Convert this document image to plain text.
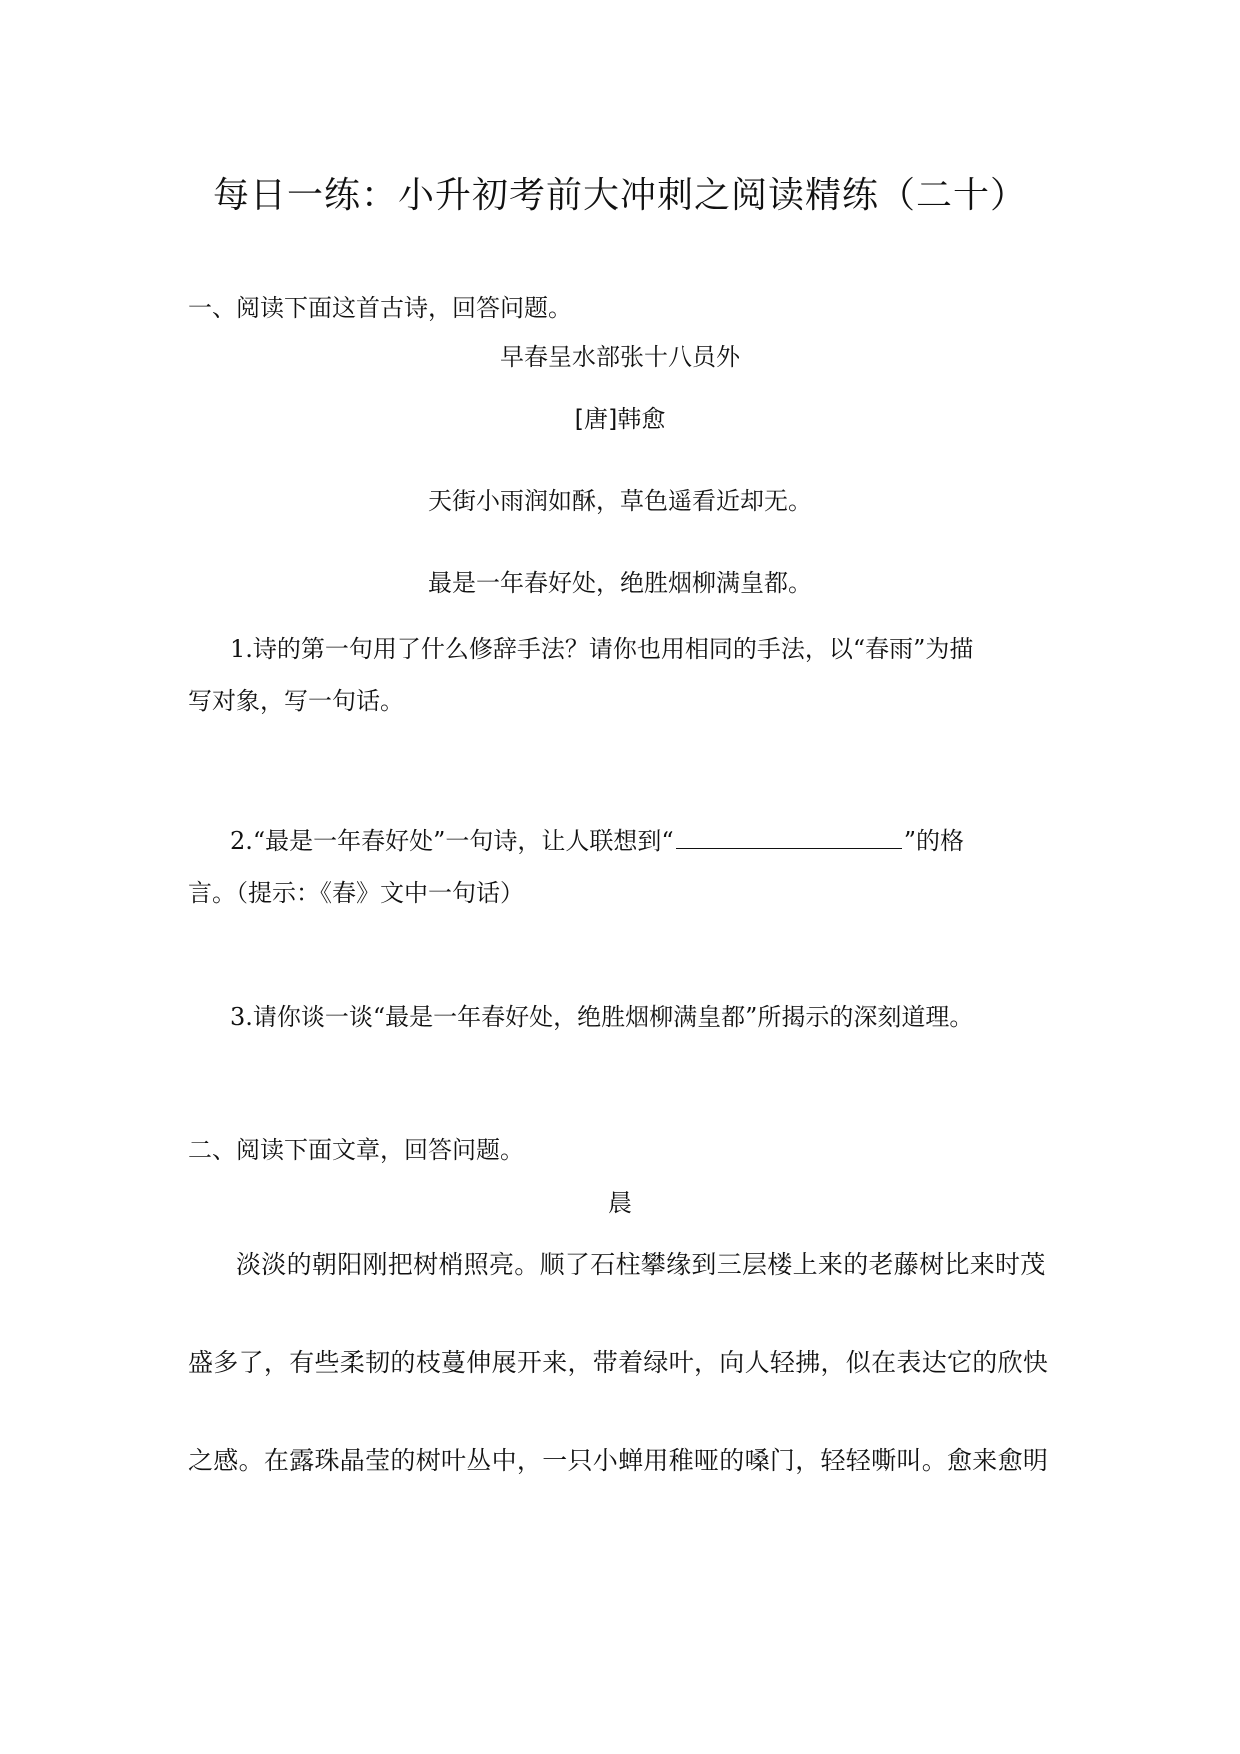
每日一练：小升初考前大冲刺之阅读精练（二十）
一、阅读下面这首古诗，回答问题。
早春呈水部张十八员外
[唐]韩愈
天街小雨润如酥，草色遥看近却无。
最是一年春好处，绝胜烟柳满皇都。
1.诗的第一句用了什么修辞手法？请你也用相同的手法，以“春雨”为描
写对象，写一句话。
2.“最是一年春好处”一句诗，让人联想到“	”的格
言。（提示：《春》文中一句话）
3.请你谈一谈“最是一年春好处，绝胜烟柳满皇都”所揭示的深刻道理。
二、阅读下面文章，回答问题。
晨
淡淡的朝阳刚把树梢照亮。顺了石柱攀缘到三层楼上来的老藤树比来时茂
盛多了，有些柔韧的枝蔓伸展开来，带着绿叶，向人轻拂，似在表达它的欣快
之感。在露珠晶莹的树叶丛中，一只小蝉用稚哑的嗓门，轻轻嘶叫。愈来愈明
